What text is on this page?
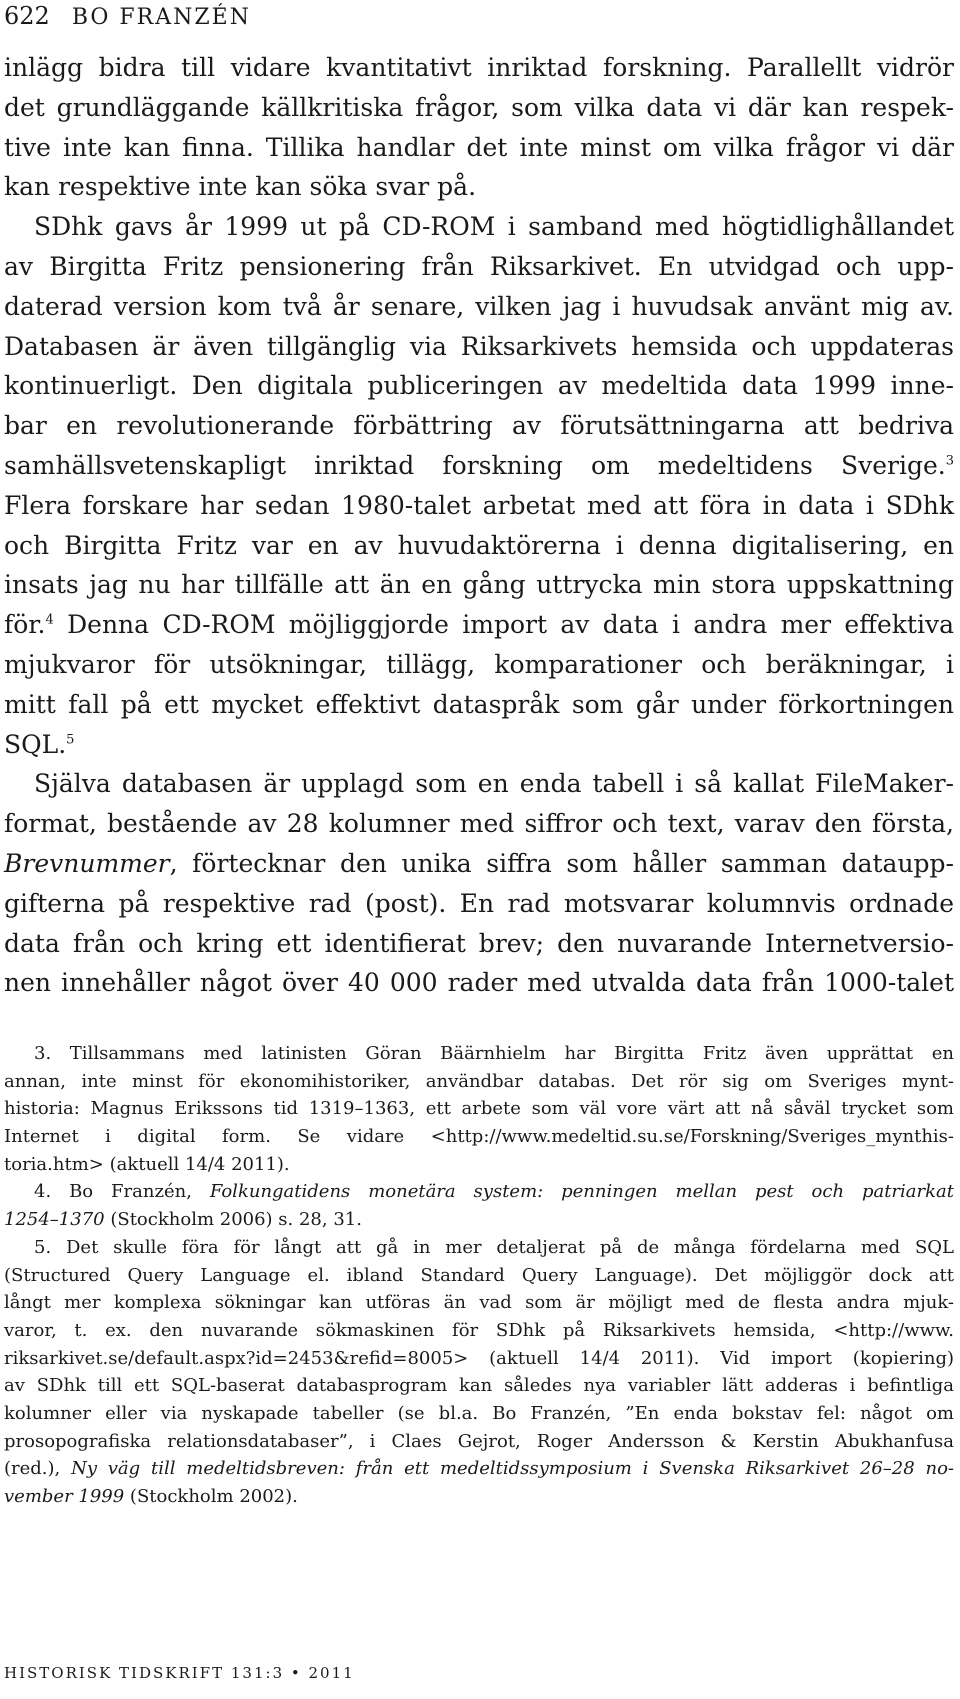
622 BO FRANZÉN
inlägg bidra till vidare kvantitativt inriktad forskning. Parallellt vidrör
det grundläggande källkritiska frågor, som vilka data vi där kan respek-
tive inte kan finna. Tillika handlar det inte minst om vilka frågor vi där
kan respektive inte kan söka svar på.
SDhk gavs år 1999 ut på CD-ROM i samband med högtidlighållandet
av Birgitta Fritz pensionering från Riksarkivet. En utvidgad och upp-
daterad version kom två år senare, vilken jag i huvudsak använt mig av.
Databasen är även tillgänglig via Riksarkivets hemsida och uppdateras
kontinuerligt. Den digitala publiceringen av medeltida data 1999 inne-
bar en revolutionerande förbättring av förutsättningarna att bedriva
samhällsvetenskapligt inriktad forskning om medeltidens Sverige.$^3$
Flera forskare har sedan 1980-talet arbetat med att föra in data i SDhk
och Birgitta Fritz var en av huvudaktörerna i denna digitalisering, en
insats jag nu har tillfälle att än en gång uttrycka min stora uppskattning
för.$^4$ Denna CD-ROM möjliggjorde import av data i andra mer effektiva
mjukvaror för utsökningar, tillägg, komparationer och beräkningar, i
mitt fall på ett mycket effektivt dataspråk som går under förkortningen
SQL.$^5$
Själva databasen är upplagd som en enda tabell i så kallat FileMaker-
format, bestående av 28 kolumner med siffror och text, varav den första,
Brevnummer, förtecknar den unika siffra som håller samman dataupp-
gifterna på respektive rad (post). En rad motsvarar kolumnvis ordnade
data från och kring ett identifierat brev; den nuvarande Internetversio-
nen innehåller något över 40 000 rader med utvalda data från 1000-talet
3. Tillsammans med latinisten Göran Bäärnhielm har Birgitta Fritz även upprättat en
annan, inte minst för ekonomihistoriker, användbar databas. Det rör sig om Sveriges mynt-
historia: Magnus Erikssons tid 1319–1363, ett arbete som väl vore värt att nå såväl trycket som
Internet i digital form. Se vidare <http://www.medeltid.su.se/Forskning/Sveriges_mynthis-
toria.htm> (aktuell 14/4 2011).
4. Bo Franzén, Folkungatidens monetära system: penningen mellan pest och patriarkat
1254–1370 (Stockholm 2006) s. 28, 31.
5. Det skulle föra för långt att gå in mer detaljerat på de många fördelarna med SQL
(Structured Query Language el. ibland Standard Query Language). Det möjliggör dock att
långt mer komplexa sökningar kan utföras än vad som är möjligt med de flesta andra mjuk-
varor, t. ex. den nuvarande sökmaskinen för SDhk på Riksarkivets hemsida, <http://www.
riksarkivet.se/default.aspx?id=2453&refid=8005> (aktuell 14/4 2011). Vid import (kopiering)
av SDhk till ett SQL-baserat databasprogram kan således nya variabler lätt adderas i befintliga
kolumner eller via nyskapade tabeller (se bl.a. Bo Franzén, ”En enda bokstav fel: något om
prosopografiska relationsdatabaser”, i Claes Gejrot, Roger Andersson & Kerstin Abukhanfusa
(red.), Ny väg till medeltidsbreven: från ett medeltidssymposium i Svenska Riksarkivet 26–28 no-
vember 1999 (Stockholm 2002).
HISTORISK TIDSKRIFT 131:3 • 2011
